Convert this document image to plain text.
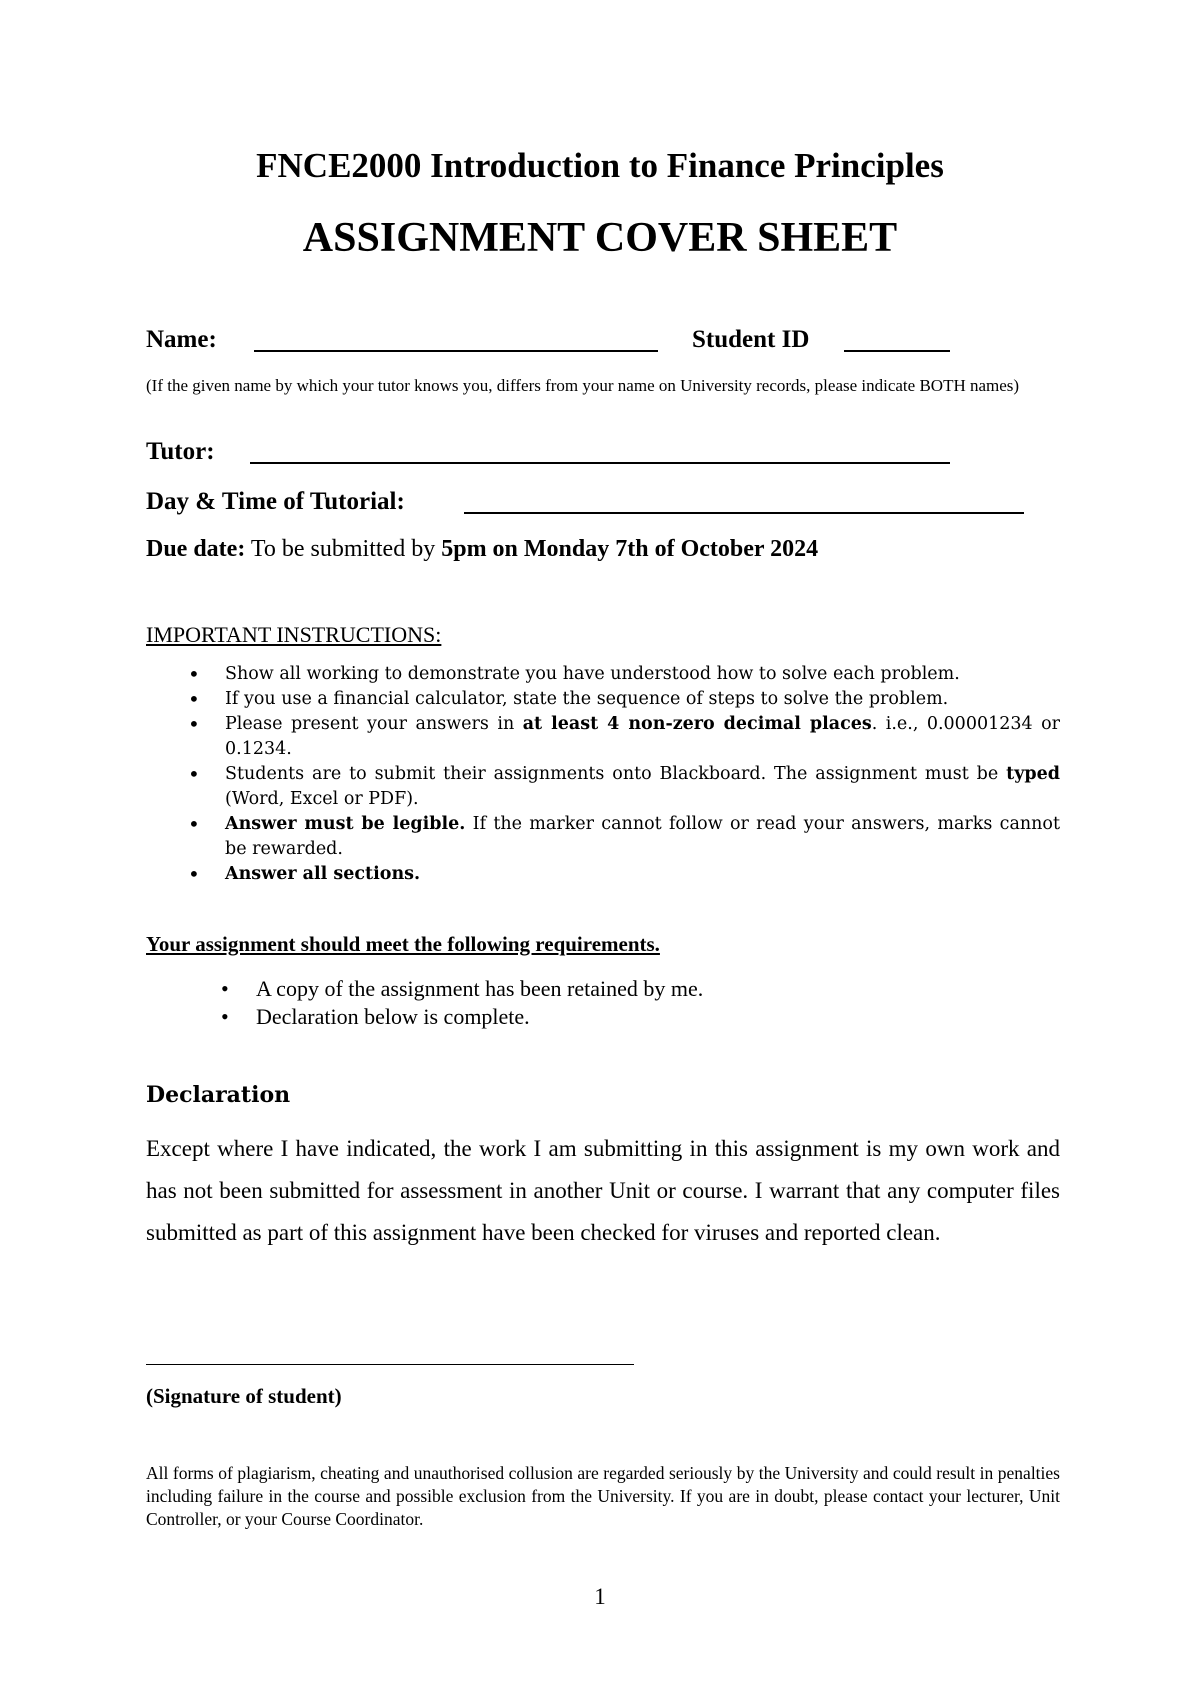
FNCE2000 Introduction to Finance Principles
ASSIGNMENT COVER SHEET
Name:	Student ID
(If the given name by which your tutor knows you, differs from your name on University records, please indicate BOTH names)
Tutor:
Day & Time of Tutorial:
Due date: To be submitted by 5pm on Monday 7th of October 2024
IMPORTANT INSTRUCTIONS:
• Show all working to demonstrate you have understood how to solve each problem.
• If you use a financial calculator, state the sequence of steps to solve the problem.
• Please present your answers in at least 4 non-zero decimal places. i.e., 0.00001234 or 0.1234.
• Students are to submit their assignments onto Blackboard. The assignment must be typed (Word, Excel or PDF).
• Answer must be legible. If the marker cannot follow or read your answers, marks cannot be rewarded.
• Answer all sections.
Your assignment should meet the following requirements.
• A copy of the assignment has been retained by me.
• Declaration below is complete.
Declaration
Except where I have indicated, the work I am submitting in this assignment is my own work and has not been submitted for assessment in another Unit or course. I warrant that any computer files submitted as part of this assignment have been checked for viruses and reported clean.
(Signature of student)
All forms of plagiarism, cheating and unauthorised collusion are regarded seriously by the University and could result in penalties including failure in the course and possible exclusion from the University. If you are in doubt, please contact your lecturer, Unit Controller, or your Course Coordinator.
1
